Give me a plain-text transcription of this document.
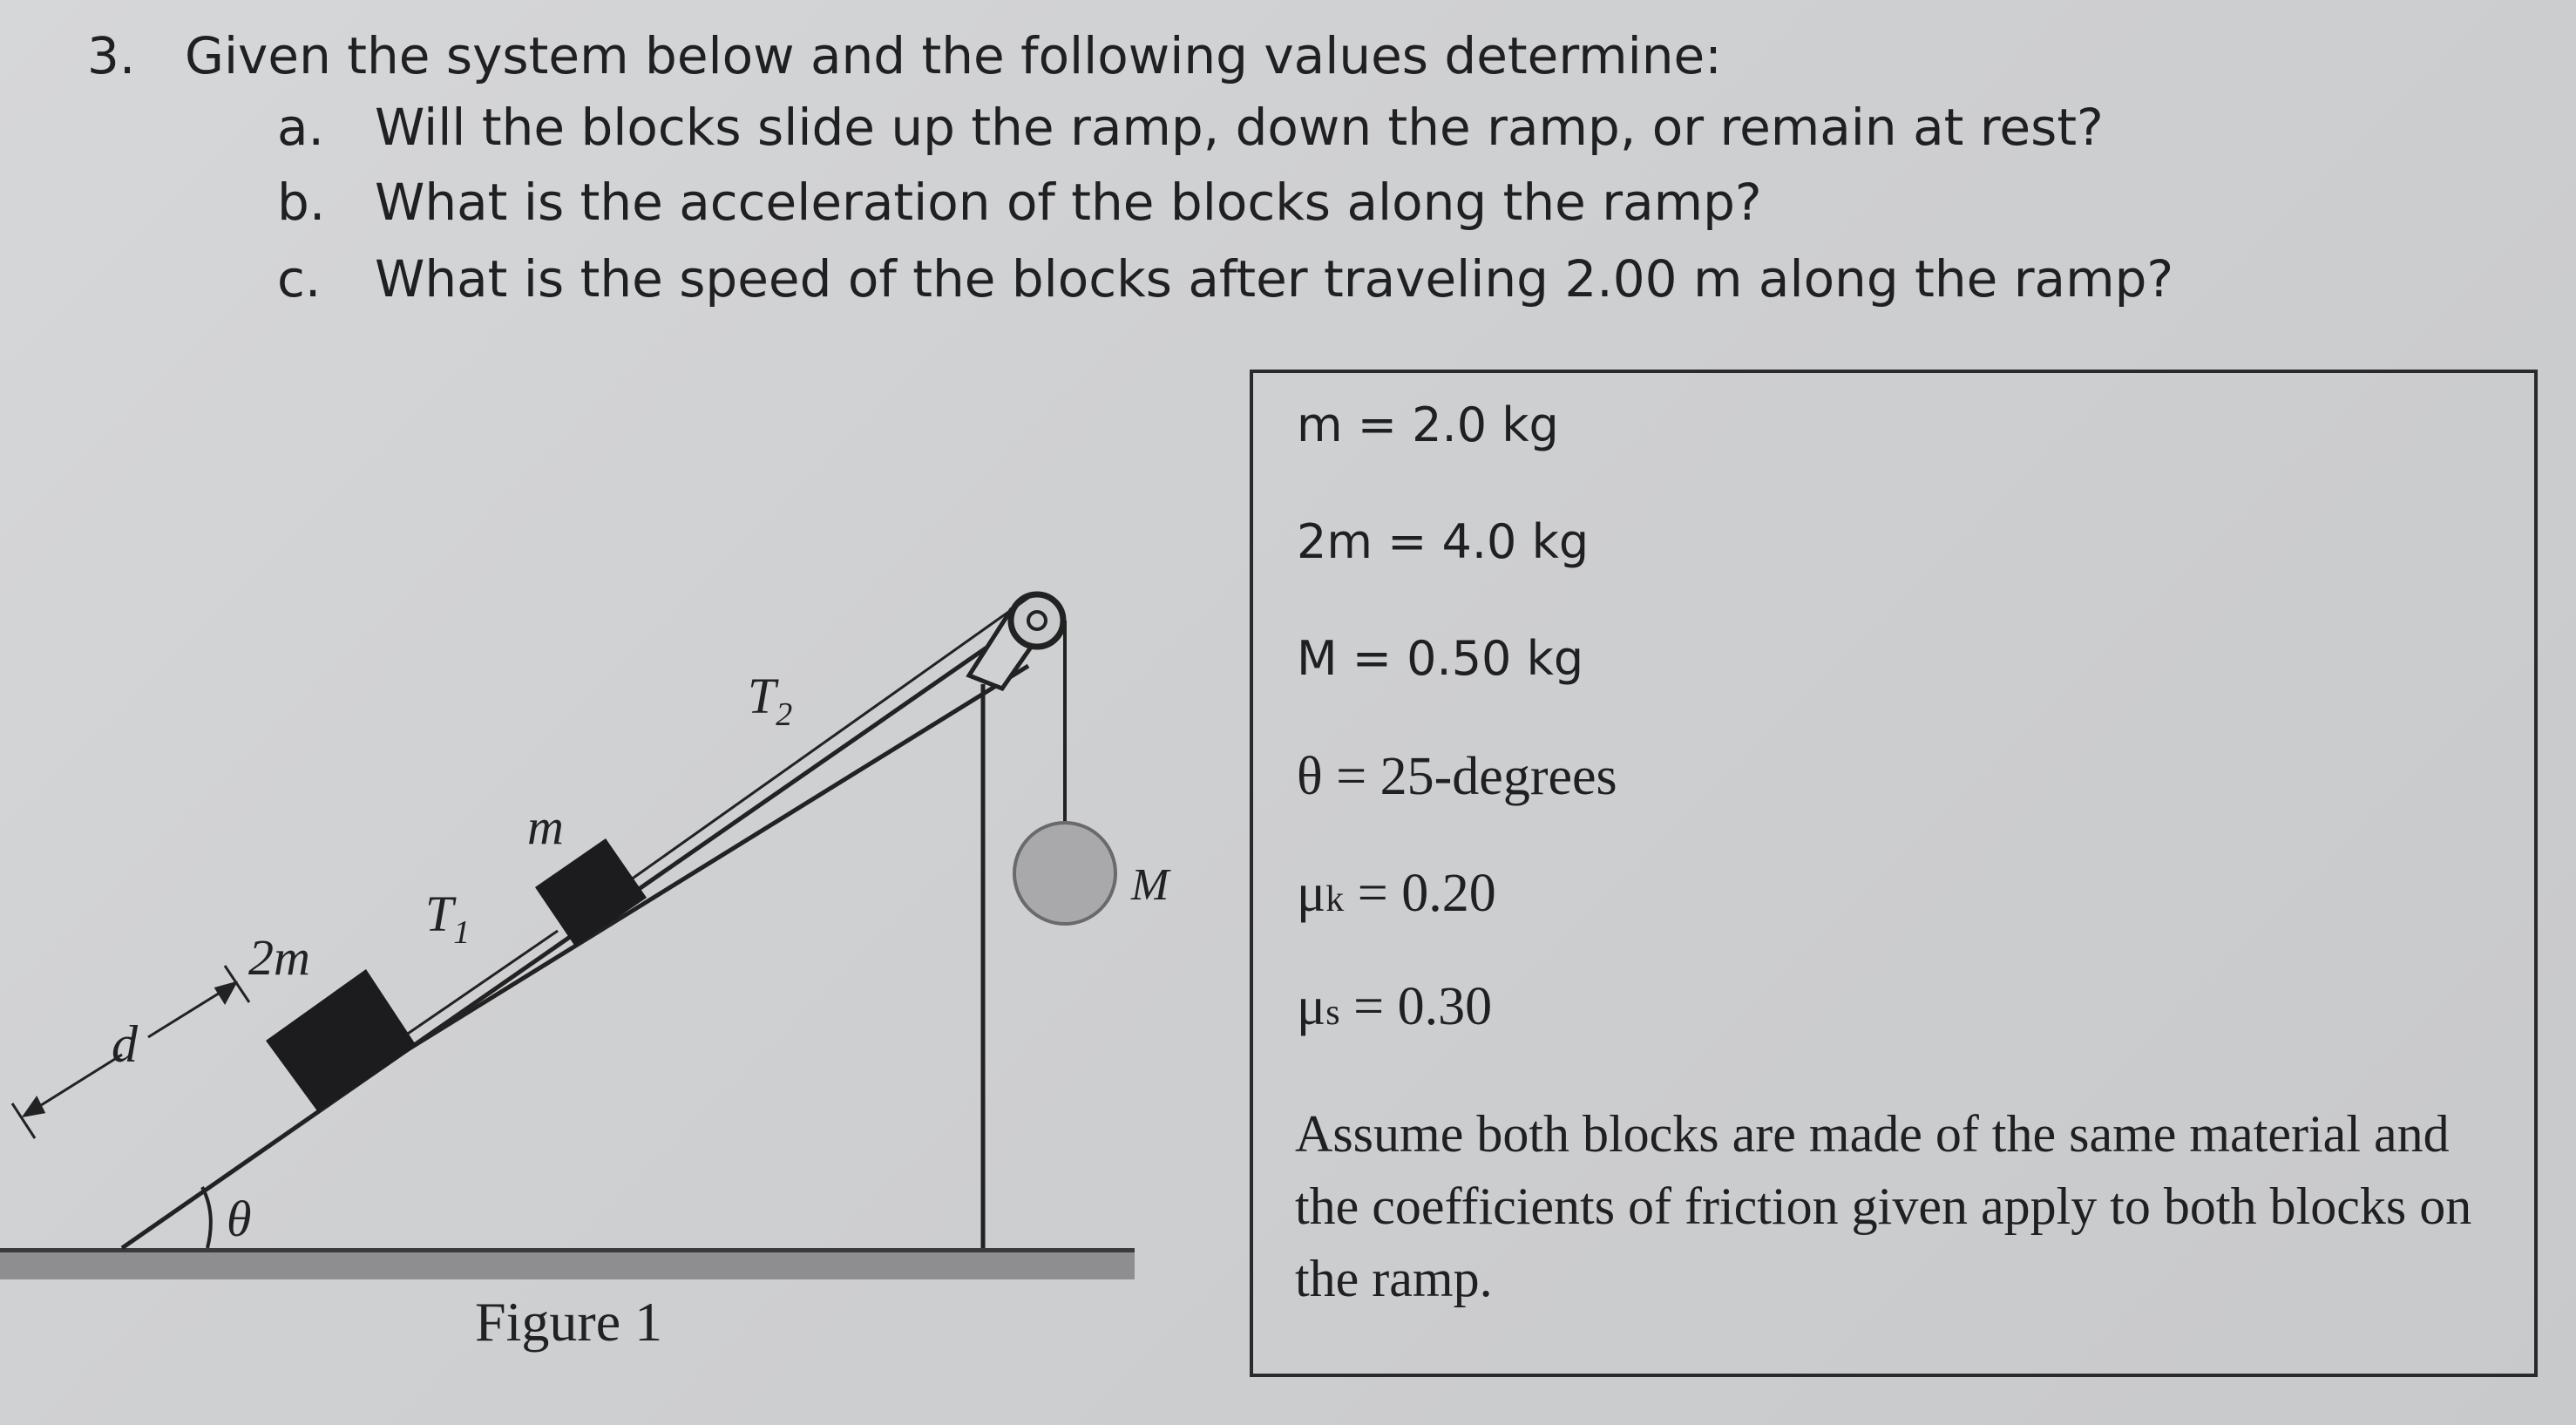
3. Given the system below and the following values determine:
a. Will the blocks slide up the ramp, down the ramp, or remain at rest?
b. What is the acceleration of the blocks along the ramp?
c. What is the speed of the blocks after traveling 2.00 m along the ramp?
d
2m
$T_1$
m
$T_2$
M
θ
Figure 1
m = 2.0 kg
2m = 4.0 kg
M = 0.50 kg
θ = 25-degrees
μk = 0.20
μs = 0.30
Assume both blocks are made of the same material and the coefficients of friction given apply to both blocks on the ramp.
